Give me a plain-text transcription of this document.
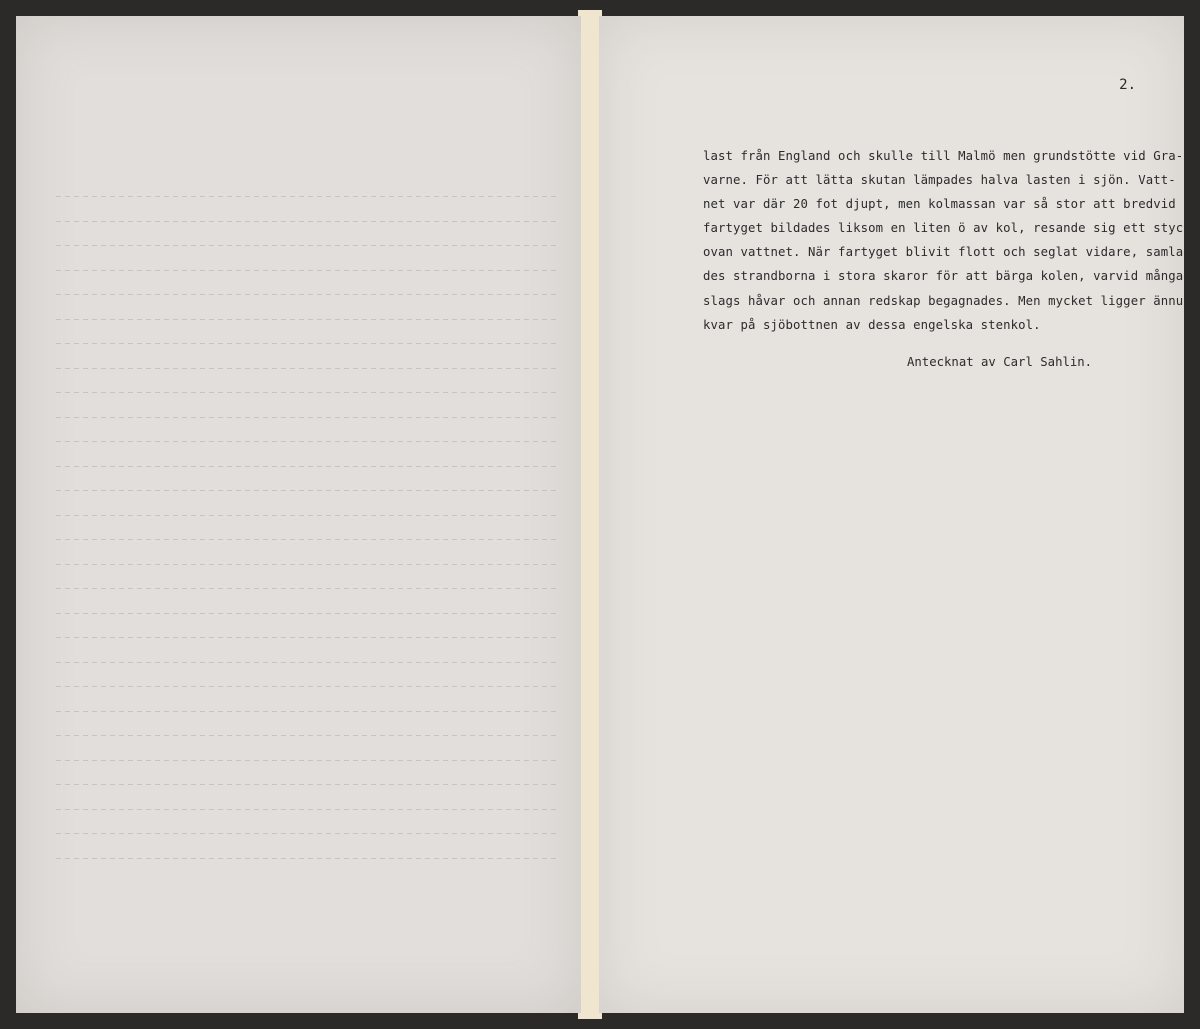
2.
last från England och skulle till Malmö men grundstötte vid Gra-
varne. För att lätta skutan lämpades halva lasten i sjön. Vatt-
net var där 20 fot djupt, men kolmassan var så stor att bredvid
fartyget bildades liksom en liten ö av kol, resande sig ett stycke
ovan vattnet. När fartyget blivit flott och seglat vidare, samla-
des strandborna i stora skaror för att bärga kolen, varvid många
slags håvar och annan redskap begagnades. Men mycket ligger ännu
kvar på sjöbottnen av dessa engelska stenkol.
Antecknat av Carl Sahlin.
